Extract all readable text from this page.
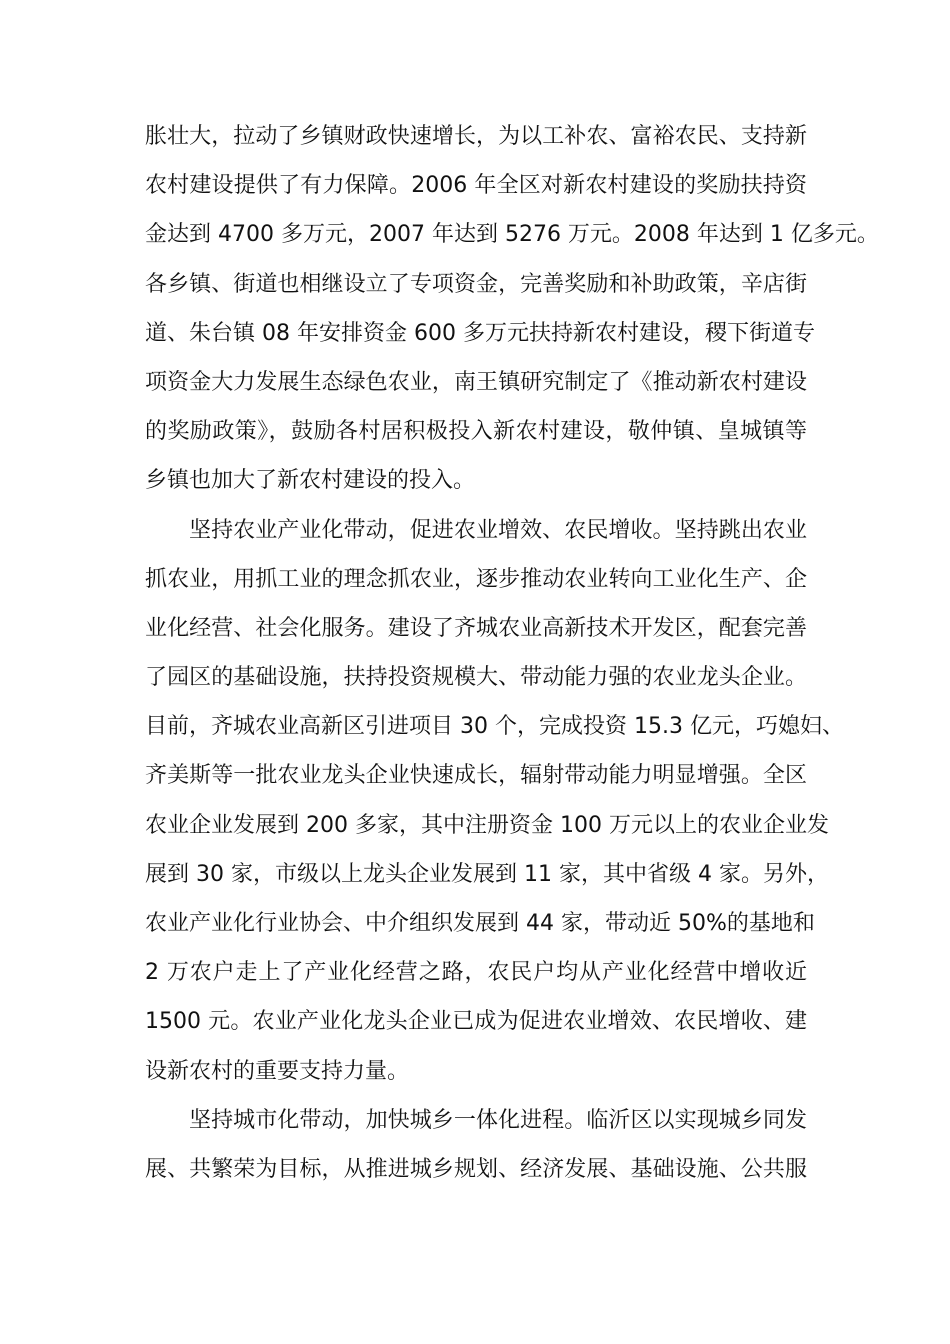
胀壮大，拉动了乡镇财政快速增长，为以工补农、富裕农民、支持新
农村建设提供了有力保障。2006 年全区对新农村建设的奖励扶持资
金达到 4700 多万元，2007 年达到 5276 万元。2008 年达到 1 亿多元。
各乡镇、街道也相继设立了专项资金，完善奖励和补助政策，辛店街
道、朱台镇 08 年安排资金 600 多万元扶持新农村建设，稷下街道专
项资金大力发展生态绿色农业，南王镇研究制定了《推动新农村建设
的奖励政策》，鼓励各村居积极投入新农村建设，敬仲镇、皇城镇等
乡镇也加大了新农村建设的投入。
坚持农业产业化带动，促进农业增效、农民增收。坚持跳出农业
抓农业，用抓工业的理念抓农业，逐步推动农业转向工业化生产、企
业化经营、社会化服务。建设了齐城农业高新技术开发区，配套完善
了园区的基础设施，扶持投资规模大、带动能力强的农业龙头企业。
目前，齐城农业高新区引进项目 30 个，完成投资 15.3 亿元，巧媳妇、
齐美斯等一批农业龙头企业快速成长，辐射带动能力明显增强。全区
农业企业发展到 200 多家，其中注册资金 100 万元以上的农业企业发
展到 30 家，市级以上龙头企业发展到 11 家，其中省级 4 家。另外，
农业产业化行业协会、中介组织发展到 44 家，带动近 50%的基地和
2 万农户走上了产业化经营之路，农民户均从产业化经营中增收近
1500 元。农业产业化龙头企业已成为促进农业增效、农民增收、建
设新农村的重要支持力量。
坚持城市化带动，加快城乡一体化进程。临沂区以实现城乡同发
展、共繁荣为目标，从推进城乡规划、经济发展、基础设施、公共服
